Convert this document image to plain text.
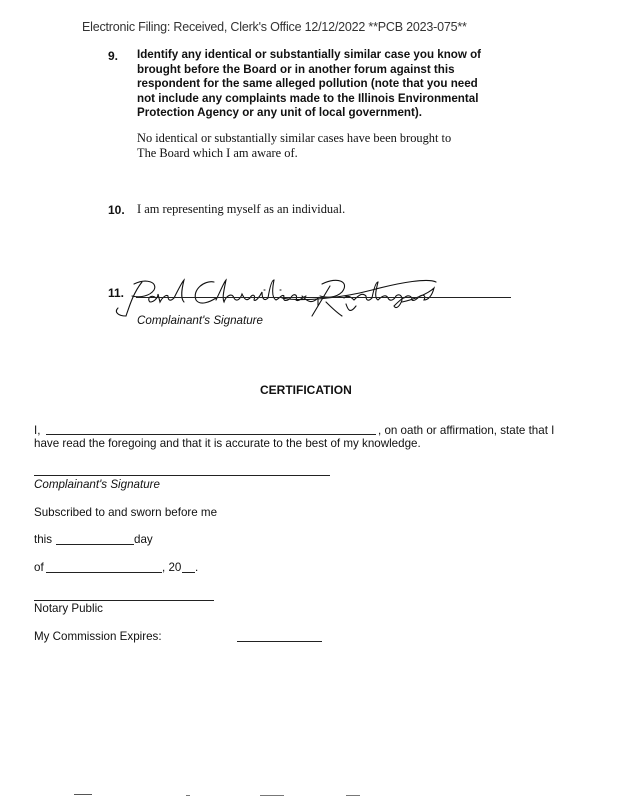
Electronic Filing: Received, Clerk's Office 12/12/2022 **PCB 2023-075**
9. Identify any identical or substantially similar case you know of
brought before the Board or in another forum against this
respondent for the same alleged pollution (note that you need
not include any complaints made to the Illinois Environmental
Protection Agency or any unit of local government).
No identical or substantially similar cases have been brought to
The Board which I am aware of.
10. I am representing myself as an individual.
11.
Complainant's Signature
CERTIFICATION
I,	, on oath or affirmation, state that I
have read the foregoing and that it is accurate to the best of my knowledge.
Complainant's Signature
Subscribed to and sworn before me
this	day
of	, 20 .
Notary Public
My Commission Expires:
